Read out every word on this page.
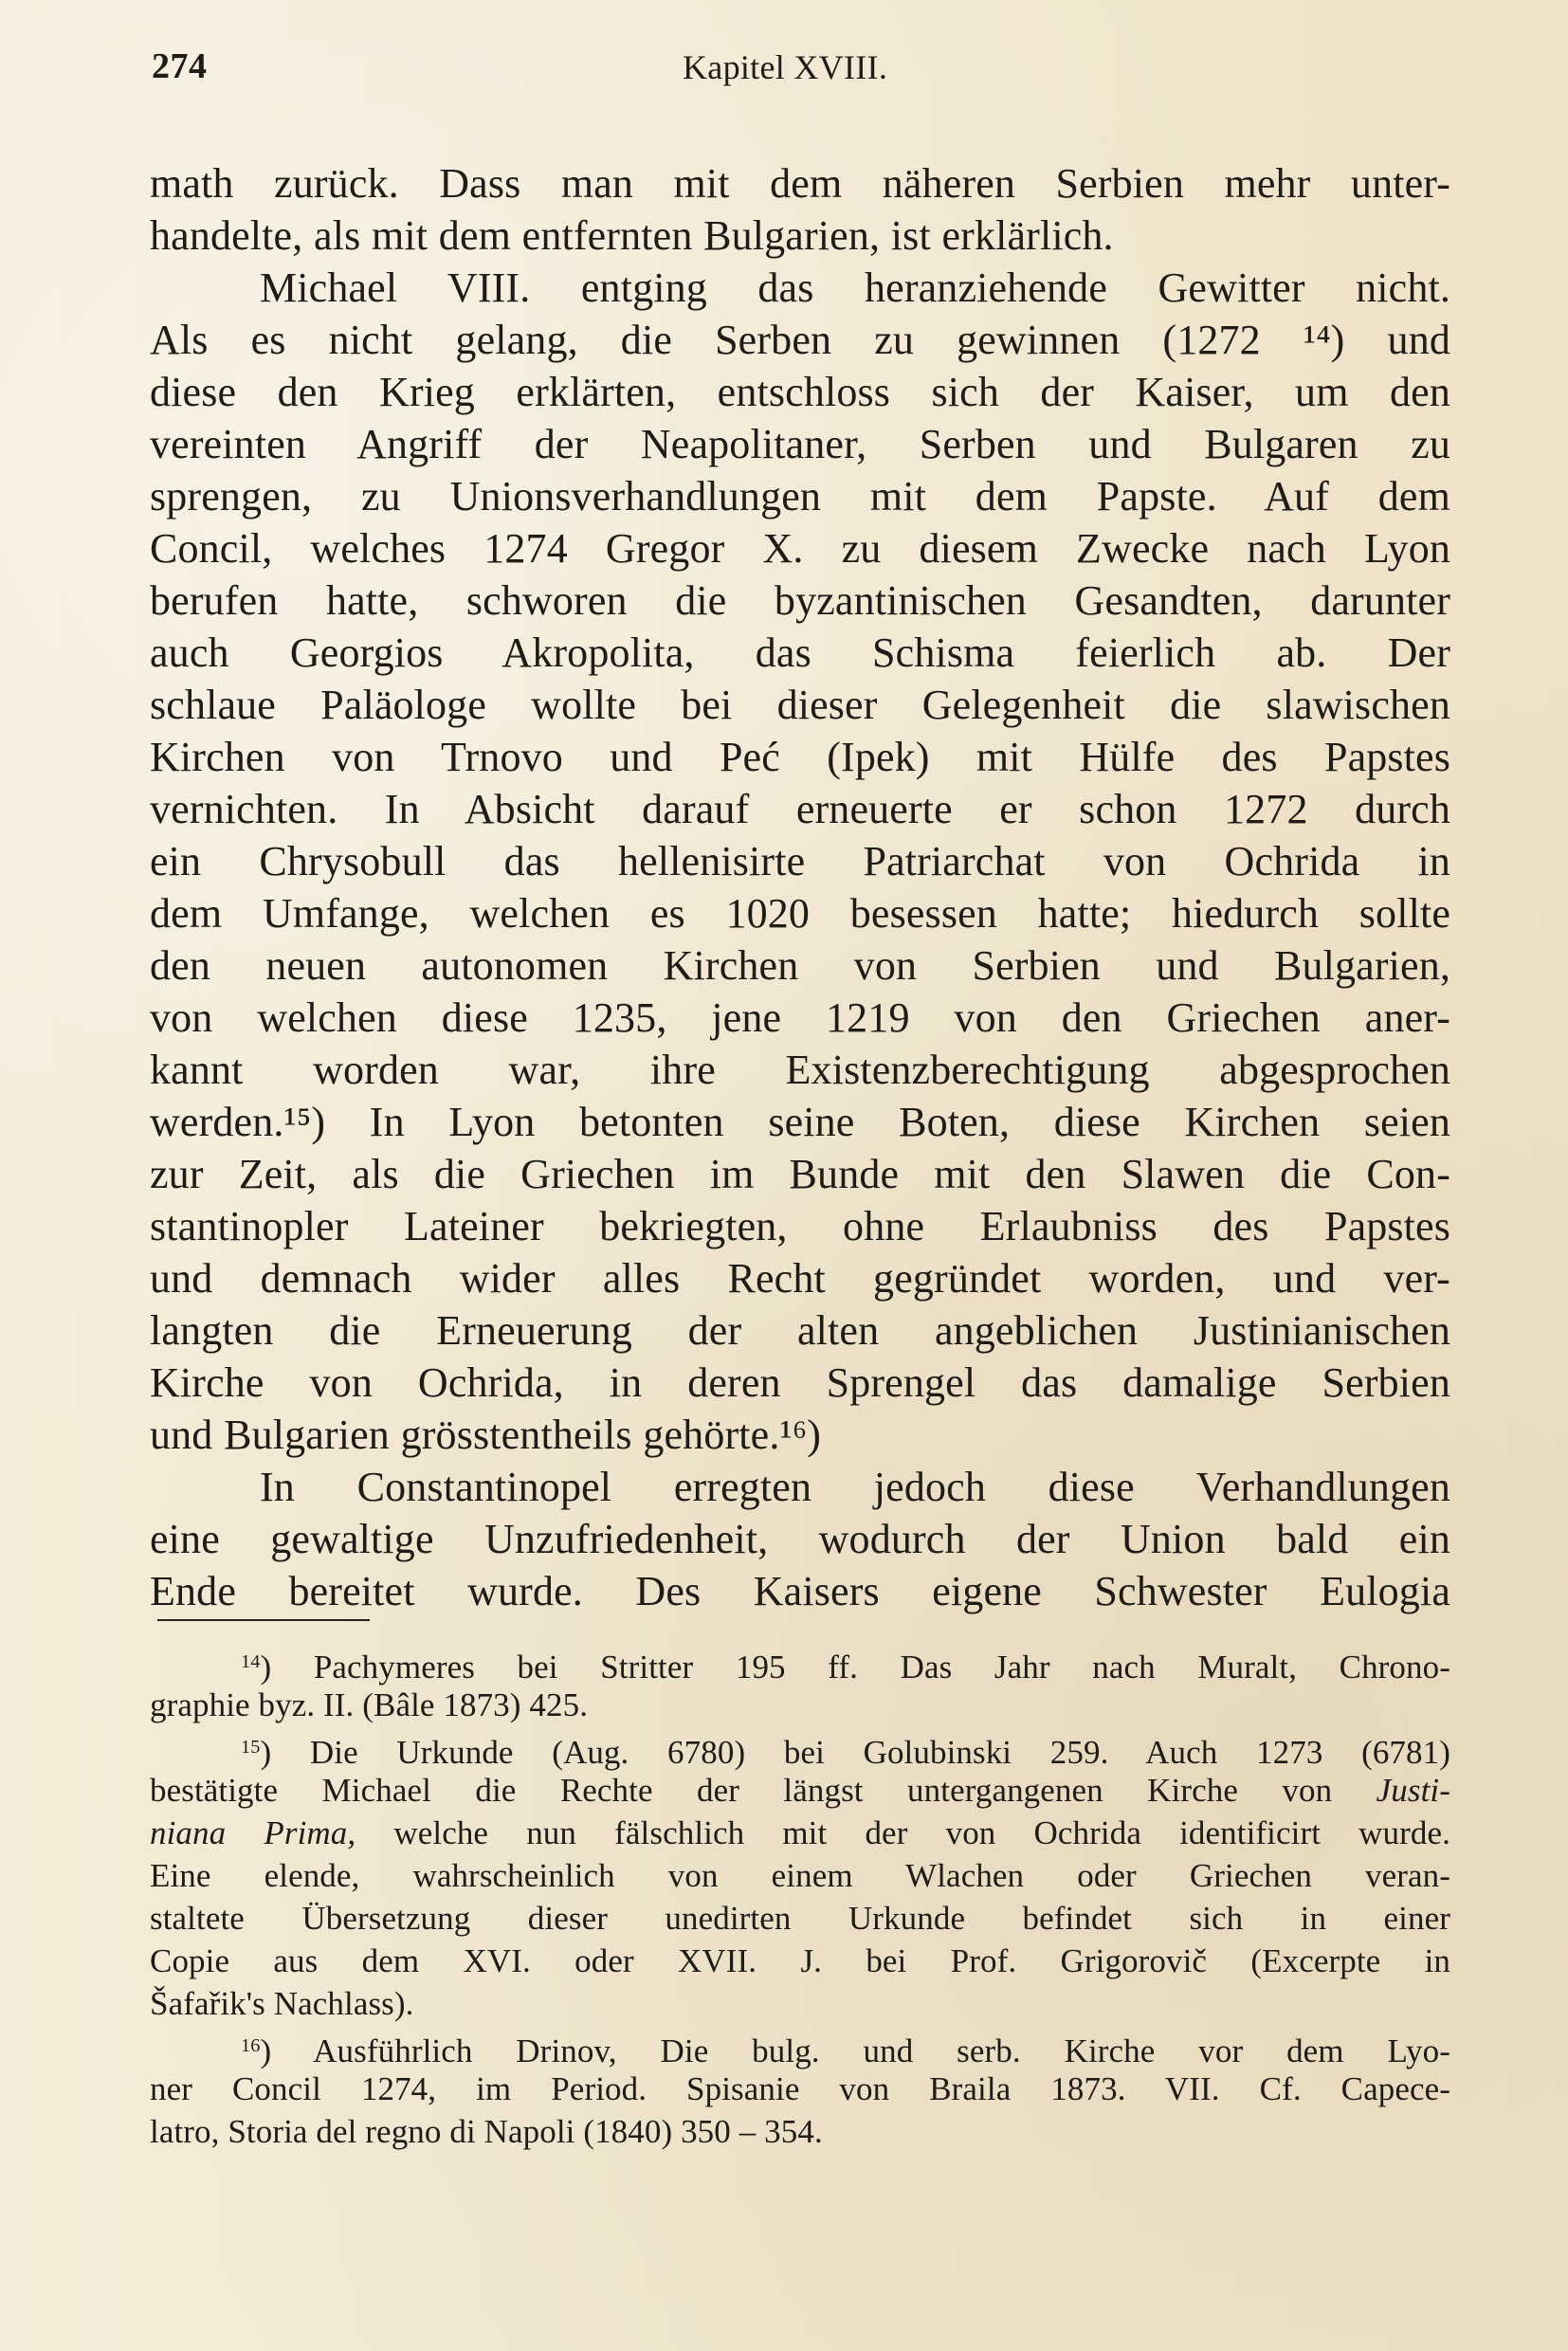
274	Kapitel XVIII.
math zurück. Dass man mit dem näheren Serbien mehr unter-
handelte, als mit dem entfernten Bulgarien, ist erklärlich.
Michael VIII. entging das heranziehende Gewitter nicht.
Als es nicht gelang, die Serben zu gewinnen (1272 ¹⁴) und
diese den Krieg erklärten, entschloss sich der Kaiser, um den
vereinten Angriff der Neapolitaner, Serben und Bulgaren zu
sprengen, zu Unionsverhandlungen mit dem Papste. Auf dem
Concil, welches 1274 Gregor X. zu diesem Zwecke nach Lyon
berufen hatte, schworen die byzantinischen Gesandten, darunter
auch Georgios Akropolita, das Schisma feierlich ab. Der
schlaue Paläologe wollte bei dieser Gelegenheit die slawischen
Kirchen von Trnovo und Peć (Ipek) mit Hülfe des Papstes
vernichten. In Absicht darauf erneuerte er schon 1272 durch
ein Chrysobull das hellenisirte Patriarchat von Ochrida in
dem Umfange, welchen es 1020 besessen hatte; hiedurch sollte
den neuen autonomen Kirchen von Serbien und Bulgarien,
von welchen diese 1235, jene 1219 von den Griechen aner-
kannt worden war, ihre Existenzberechtigung abgesprochen
werden.¹⁵) In Lyon betonten seine Boten, diese Kirchen seien
zur Zeit, als die Griechen im Bunde mit den Slawen die Con-
stantinopler Lateiner bekriegten, ohne Erlaubniss des Papstes
und demnach wider alles Recht gegründet worden, und ver-
langten die Erneuerung der alten angeblichen Justinianischen
Kirche von Ochrida, in deren Sprengel das damalige Serbien
und Bulgarien grösstentheils gehörte.¹⁶)
In Constantinopel erregten jedoch diese Verhandlungen
eine gewaltige Unzufriedenheit, wodurch der Union bald ein
Ende bereitet wurde. Des Kaisers eigene Schwester Eulogia
$^{14}$) Pachymeres bei Stritter 195 ff. Das Jahr nach Muralt, Chrono-
graphie byz. II. (Bâle 1873) 425.
$^{15}$) Die Urkunde (Aug. 6780) bei Golubinski 259. Auch 1273 (6781)
bestätigte Michael die Rechte der längst untergangenen Kirche von Justi-
niana Prima, welche nun fälschlich mit der von Ochrida identificirt wurde.
Eine elende, wahrscheinlich von einem Wlachen oder Griechen veran-
staltete Übersetzung dieser unedirten Urkunde befindet sich in einer
Copie aus dem XVI. oder XVII. J. bei Prof. Grigorovič (Excerpte in
Šafařik's Nachlass).
$^{16}$) Ausführlich Drinov, Die bulg. und serb. Kirche vor dem Lyo-
ner Concil 1274, im Period. Spisanie von Braila 1873. VII. Cf. Capece-
latro, Storia del regno di Napoli (1840) 350 – 354.
